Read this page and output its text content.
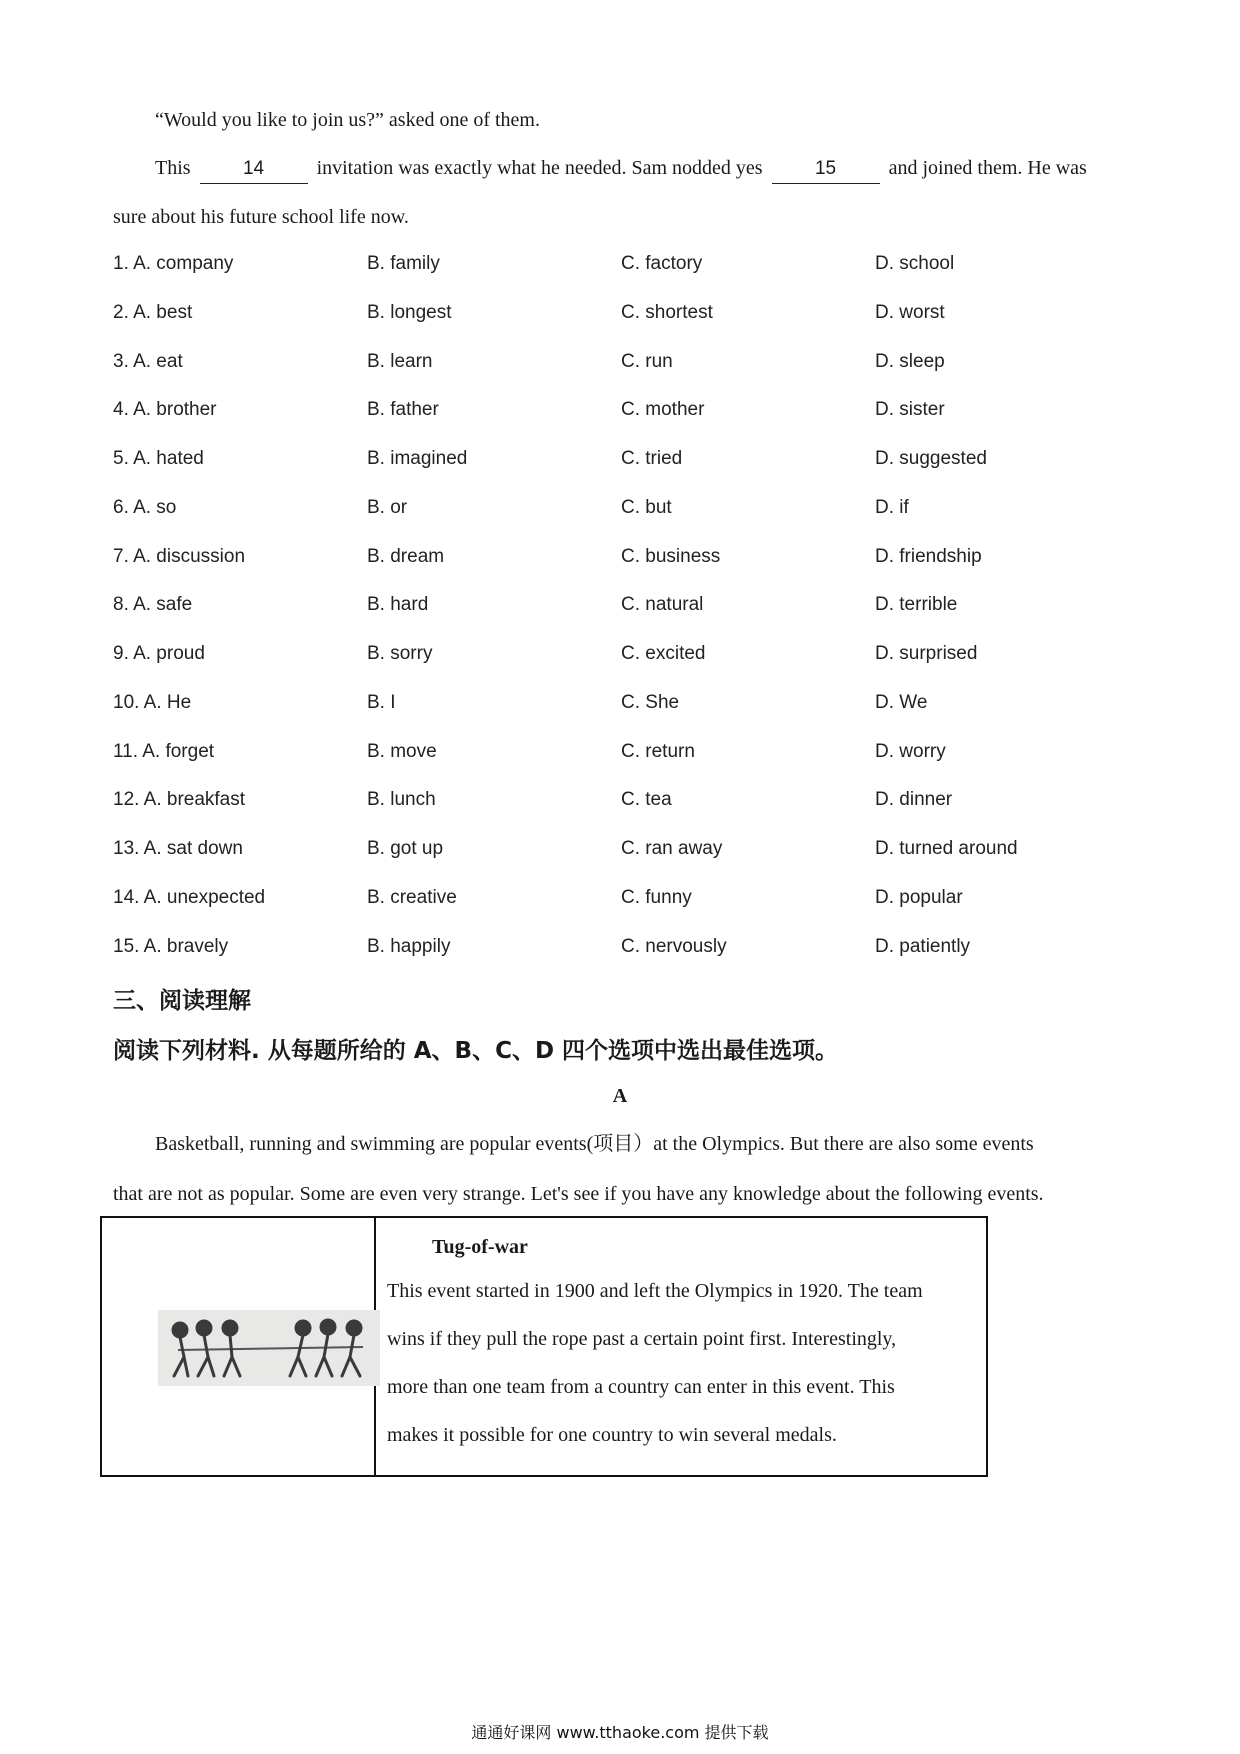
“Would you like to join us?” asked one of them.
This	14	invitation was exactly what he needed. Sam nodded yes	15	and joined them. He was
sure about his future school life now.
1. A. company	B. family	C. factory	D. school
2. A. best	B. longest	C. shortest	D. worst
3. A. eat	B. learn	C. run	D. sleep
4. A. brother	B. father	C. mother	D. sister
5. A. hated	B. imagined	C. tried	D. suggested
6. A. so	B. or	C. but	D. if
7. A. discussion	B. dream	C. business	D. friendship
8. A. safe	B. hard	C. natural	D. terrible
9. A. proud	B. sorry	C. excited	D. surprised
10. A. He	B. I	C. She	D. We
11. A. forget	B. move	C. return	D. worry
12. A. breakfast	B. lunch	C. tea	D. dinner
13. A. sat down	B. got up	C. ran away	D. turned around
14. A. unexpected	B. creative	C. funny	D. popular
15. A. bravely	B. happily	C. nervously	D. patiently
三、阅读理解
阅读下列材料. 从每题所给的 A、B、C、D 四个选项中选出最佳选项。
A
Basketball, running and swimming are popular events(项目）at the Olympics. But there are also some events
that are not as popular. Some are even very strange. Let's see if you have any knowledge about the following events.
Tug-of-war
This event started in 1900 and left the Olympics in 1920. The team
wins if they pull the rope past a certain point first. Interestingly,
more than one team from a country can enter in this event. This
makes it possible for one country to win several medals.
通通好课网 www.tthaoke.com 提供下载
